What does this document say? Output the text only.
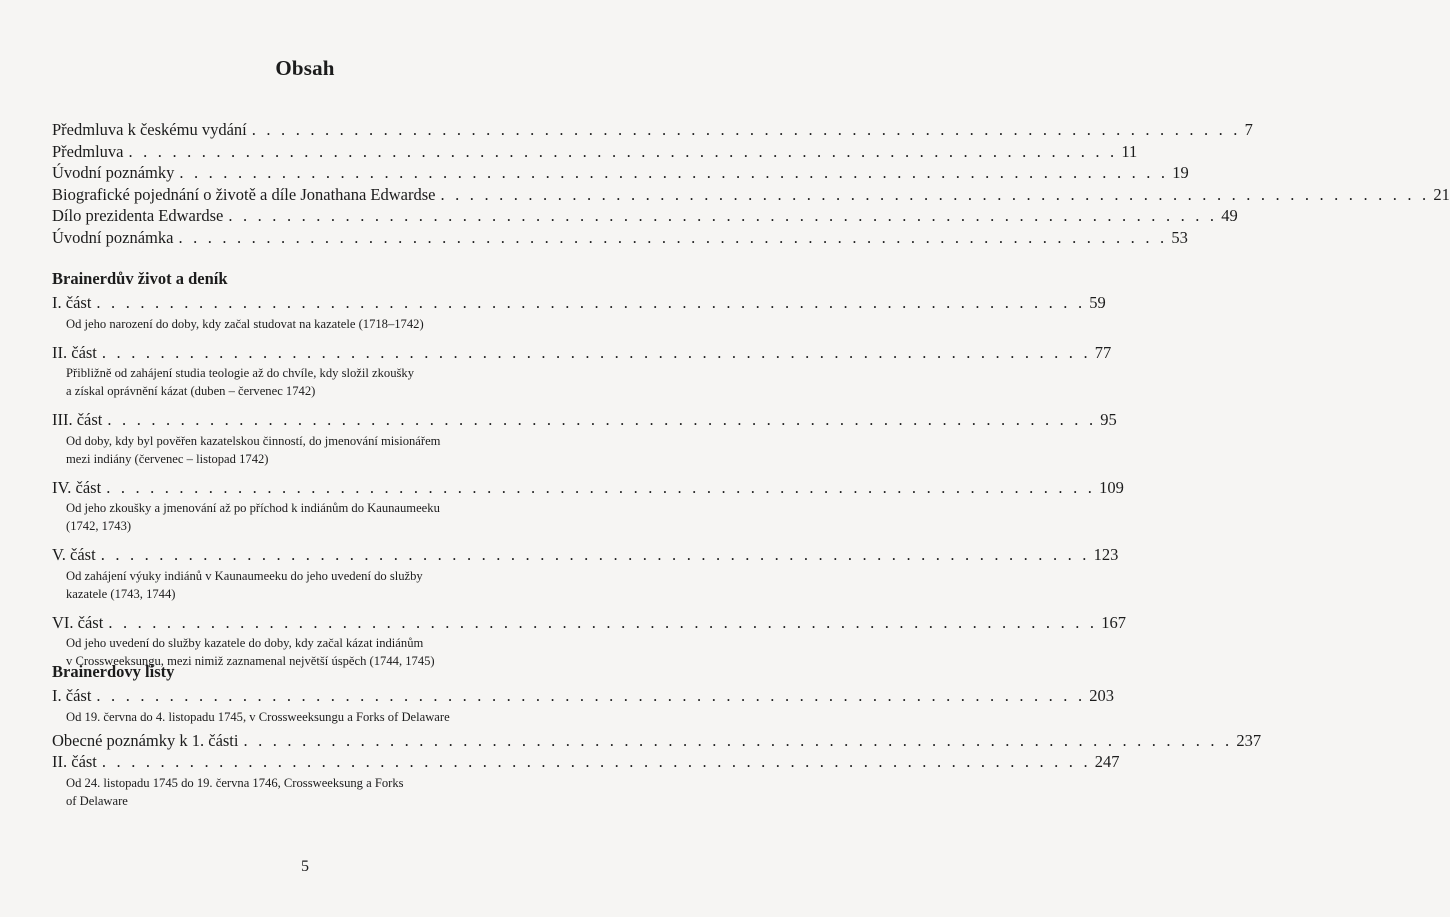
Obsah
Předmluva k českému vydání . . . . . . . . . . . . . . . . . . . . . . . . . . . . . . . . . . . . . . . . . . . . . . . . . . . . . . . . . . . . . . . . . . . . 7
Předmluva . . . . . . . . . . . . . . . . . . . . . . . . . . . . . . . . . . . . . . . . . . . . . . . . . . . . . . . . . . . . . . . . . . . . 11
Úvodní poznámky . . . . . . . . . . . . . . . . . . . . . . . . . . . . . . . . . . . . . . . . . . . . . . . . . . . . . . . . . . . . . . . . . . . . 19
Biografické pojednání o životě a díle Jonathana Edwardse . . . . . . . . . . . . . . . . . . . . . . . . . . . . . . . . . . . . . . . . . . . . . . . . . . . . . . . . . . . . . . . . . . . . 21
Dílo prezidenta Edwardse . . . . . . . . . . . . . . . . . . . . . . . . . . . . . . . . . . . . . . . . . . . . . . . . . . . . . . . . . . . . . . . . . . . . 49
Úvodní poznámka . . . . . . . . . . . . . . . . . . . . . . . . . . . . . . . . . . . . . . . . . . . . . . . . . . . . . . . . . . . . . . . . . . . . 53
Brainerdův život a deník
I. část . . . . . . . . . . . . . . . . . . . . . . . . . . . . . . . . . . . . . . . . . . . . . . . . . . . . . . . . . . . . . . . . . . . . 59
Od jeho narození do doby, kdy začal studovat na kazatele (1718–1742)
II. část . . . . . . . . . . . . . . . . . . . . . . . . . . . . . . . . . . . . . . . . . . . . . . . . . . . . . . . . . . . . . . . . . . . . 77
Přibližně od zahájení studia teologie až do chvíle, kdy složil zkoušky
a získal oprávnění kázat (duben – červenec 1742)
III. část . . . . . . . . . . . . . . . . . . . . . . . . . . . . . . . . . . . . . . . . . . . . . . . . . . . . . . . . . . . . . . . . . . . . 95
Od doby, kdy byl pověřen kazatelskou činností, do jmenování misionářem
mezi indiány (červenec – listopad 1742)
IV. část . . . . . . . . . . . . . . . . . . . . . . . . . . . . . . . . . . . . . . . . . . . . . . . . . . . . . . . . . . . . . . . . . . . . 109
Od jeho zkoušky a jmenování až po příchod k indiánům do Kaunaumeeku
(1742, 1743)
V. část . . . . . . . . . . . . . . . . . . . . . . . . . . . . . . . . . . . . . . . . . . . . . . . . . . . . . . . . . . . . . . . . . . . . 123
Od zahájení výuky indiánů v Kaunaumeeku do jeho uvedení do služby
kazatele (1743, 1744)
VI. část . . . . . . . . . . . . . . . . . . . . . . . . . . . . . . . . . . . . . . . . . . . . . . . . . . . . . . . . . . . . . . . . . . . . 167
Od jeho uvedení do služby kazatele do doby, kdy začal kázat indiánům
v Crossweeksungu, mezi nimiž zaznamenal největší úspěch (1744, 1745)
Brainerdovy listy
I. část . . . . . . . . . . . . . . . . . . . . . . . . . . . . . . . . . . . . . . . . . . . . . . . . . . . . . . . . . . . . . . . . . . . . 203
Od 19. června do 4. listopadu 1745, v Crossweeksungu a Forks of Delaware
Obecné poznámky k 1. části . . . . . . . . . . . . . . . . . . . . . . . . . . . . . . . . . . . . . . . . . . . . . . . . . . . . . . . . . . . . . . . . . . . . 237
II. část . . . . . . . . . . . . . . . . . . . . . . . . . . . . . . . . . . . . . . . . . . . . . . . . . . . . . . . . . . . . . . . . . . . . 247
Od 24. listopadu 1745 do 19. června 1746, Crossweeksung a Forks
of Delaware
5
